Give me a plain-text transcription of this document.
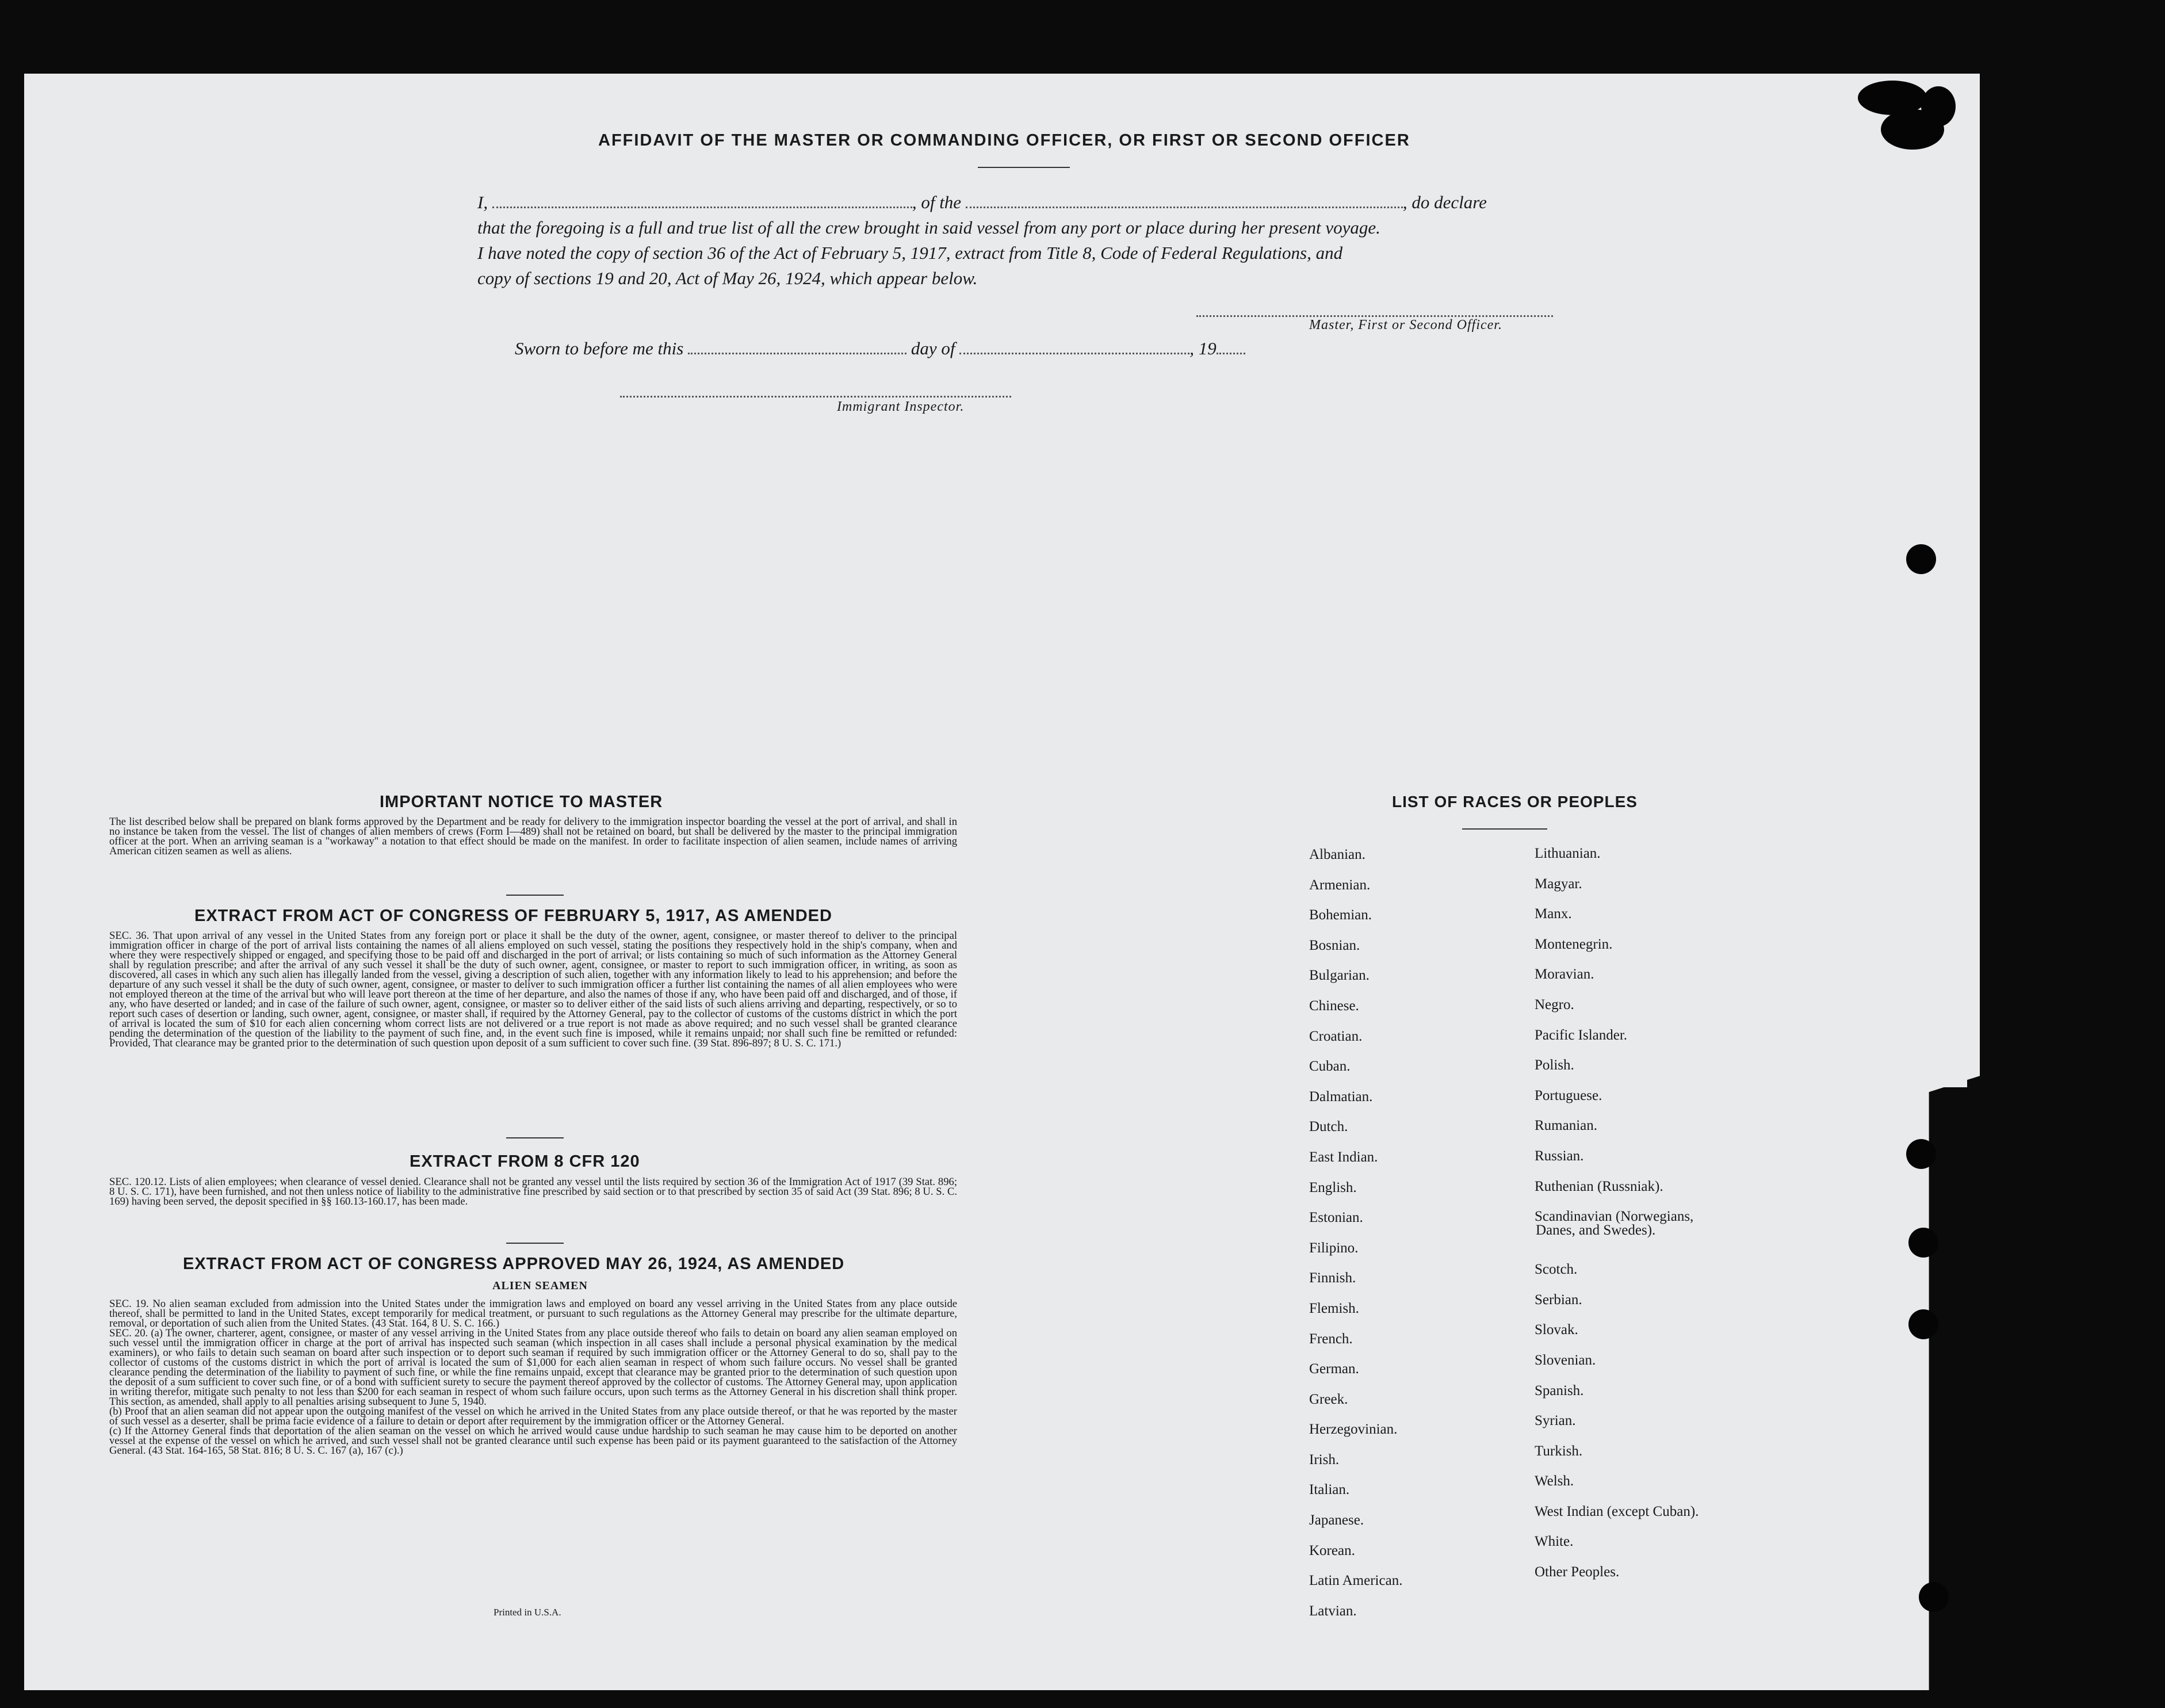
AFFIDAVIT OF THE MASTER OR COMMANDING OFFICER, OR FIRST OR SECOND OFFICER
I,	, of the	, do declare
that the foregoing is a full and true list of all the crew brought in said vessel from any port or place during her present voyage.
I have noted the copy of section 36 of the Act of February 5, 1917, extract from Title 8, Code of Federal Regulations, and
copy of sections 19 and 20, Act of May 26, 1924, which appear below.
Master, First or Second Officer.
Sworn to before me this	day of	, 19
Immigrant Inspector.
IMPORTANT NOTICE TO MASTER
The list described below shall be prepared on blank forms approved by the Department and be ready for delivery to the immigration inspector boarding the vessel at the port of arrival, and shall in no instance be taken from the vessel. The list of changes of alien members of crews (Form I—489) shall not be retained on board, but shall be delivered by the master to the principal immigration officer at the port. When an arriving seaman is a "workaway" a notation to that effect should be made on the manifest. In order to facilitate inspection of alien seamen, include names of arriving American citizen seamen as well as aliens.
EXTRACT FROM ACT OF CONGRESS OF FEBRUARY 5, 1917, AS AMENDED
SEC. 36. That upon arrival of any vessel in the United States from any foreign port or place it shall be the duty of the owner, agent, consignee, or master thereof to deliver to the principal immigration officer in charge of the port of arrival lists containing the names of all aliens employed on such vessel, stating the positions they respectively hold in the ship's company, when and where they were respectively shipped or engaged, and specifying those to be paid off and discharged in the port of arrival; or lists containing so much of such information as the Attorney General shall by regulation prescribe; and after the arrival of any such vessel it shall be the duty of such owner, agent, consignee, or master to report to such immigration officer, in writing, as soon as discovered, all cases in which any such alien has illegally landed from the vessel, giving a description of such alien, together with any information likely to lead to his apprehension; and before the departure of any such vessel it shall be the duty of such owner, agent, consignee, or master to deliver to such immigration officer a further list containing the names of all alien employees who were not employed thereon at the time of the arrival but who will leave port thereon at the time of her departure, and also the names of those if any, who have been paid off and discharged, and of those, if any, who have deserted or landed; and in case of the failure of such owner, agent, consignee, or master so to deliver either of the said lists of such aliens arriving and departing, respectively, or so to report such cases of desertion or landing, such owner, agent, consignee, or master shall, if required by the Attorney General, pay to the collector of customs of the customs district in which the port of arrival is located the sum of $10 for each alien concerning whom correct lists are not delivered or a true report is not made as above required; and no such vessel shall be granted clearance pending the determination of the question of the liability to the payment of such fine, and, in the event such fine is imposed, while it remains unpaid; nor shall such fine be remitted or refunded: Provided, That clearance may be granted prior to the determination of such question upon deposit of a sum sufficient to cover such fine. (39 Stat. 896-897; 8 U. S. C. 171.)
EXTRACT FROM 8 CFR 120
SEC. 120.12. Lists of alien employees; when clearance of vessel denied. Clearance shall not be granted any vessel until the lists required by section 36 of the Immigration Act of 1917 (39 Stat. 896; 8 U. S. C. 171), have been furnished, and not then unless notice of liability to the administrative fine prescribed by said section or to that prescribed by section 35 of said Act (39 Stat. 896; 8 U. S. C. 169) having been served, the deposit specified in §§ 160.13-160.17, has been made.
EXTRACT FROM ACT OF CONGRESS APPROVED MAY 26, 1924, AS AMENDED
ALIEN SEAMEN
SEC. 19. No alien seaman excluded from admission into the United States under the immigration laws and employed on board any vessel arriving in the United States from any place outside thereof, shall be permitted to land in the United States, except temporarily for medical treatment, or pursuant to such regulations as the Attorney General may prescribe for the ultimate departure, removal, or deportation of such alien from the United States. (43 Stat. 164, 8 U. S. C. 166.)
SEC. 20. (a) The owner, charterer, agent, consignee, or master of any vessel arriving in the United States from any place outside thereof who fails to detain on board any alien seaman employed on such vessel until the immigration officer in charge at the port of arrival has inspected such seaman (which inspection in all cases shall include a personal physical examination by the medical examiners), or who fails to detain such seaman on board after such inspection or to deport such seaman if required by such immigration officer or the Attorney General to do so, shall pay to the collector of customs of the customs district in which the port of arrival is located the sum of $1,000 for each alien seaman in respect of whom such failure occurs. No vessel shall be granted clearance pending the determination of the liability to payment of such fine, or while the fine remains unpaid, except that clearance may be granted prior to the determination of such question upon the deposit of a sum sufficient to cover such fine, or of a bond with sufficient surety to secure the payment thereof approved by the collector of customs. The Attorney General may, upon application in writing therefor, mitigate such penalty to not less than $200 for each seaman in respect of whom such failure occurs, upon such terms as the Attorney General in his discretion shall think proper. This section, as amended, shall apply to all penalties arising subsequent to June 5, 1940.
(b) Proof that an alien seaman did not appear upon the outgoing manifest of the vessel on which he arrived in the United States from any place outside thereof, or that he was reported by the master of such vessel as a deserter, shall be prima facie evidence of a failure to detain or deport after requirement by the immigration officer or the Attorney General.
(c) If the Attorney General finds that deportation of the alien seaman on the vessel on which he arrived would cause undue hardship to such seaman he may cause him to be deported on another vessel at the expense of the vessel on which he arrived, and such vessel shall not be granted clearance until such expense has been paid or its payment guaranteed to the satisfaction of the Attorney General. (43 Stat. 164-165, 58 Stat. 816; 8 U. S. C. 167 (a), 167 (c).)
Printed in U.S.A.
LIST OF RACES OR PEOPLES
Albanian.
Armenian.
Bohemian.
Bosnian.
Bulgarian.
Chinese.
Croatian.
Cuban.
Dalmatian.
Dutch.
East Indian.
English.
Estonian.
Filipino.
Finnish.
Flemish.
French.
German.
Greek.
Herzegovinian.
Irish.
Italian.
Japanese.
Korean.
Latin American.
Latvian.
Lithuanian.
Magyar.
Manx.
Montenegrin.
Moravian.
Negro.
Pacific Islander.
Polish.
Portuguese.
Rumanian.
Russian.
Ruthenian (Russniak).
Scandinavian (Norwegians,
Danes, and Swedes).
Scotch.
Serbian.
Slovak.
Slovenian.
Spanish.
Syrian.
Turkish.
Welsh.
West Indian (except Cuban).
White.
Other Peoples.
